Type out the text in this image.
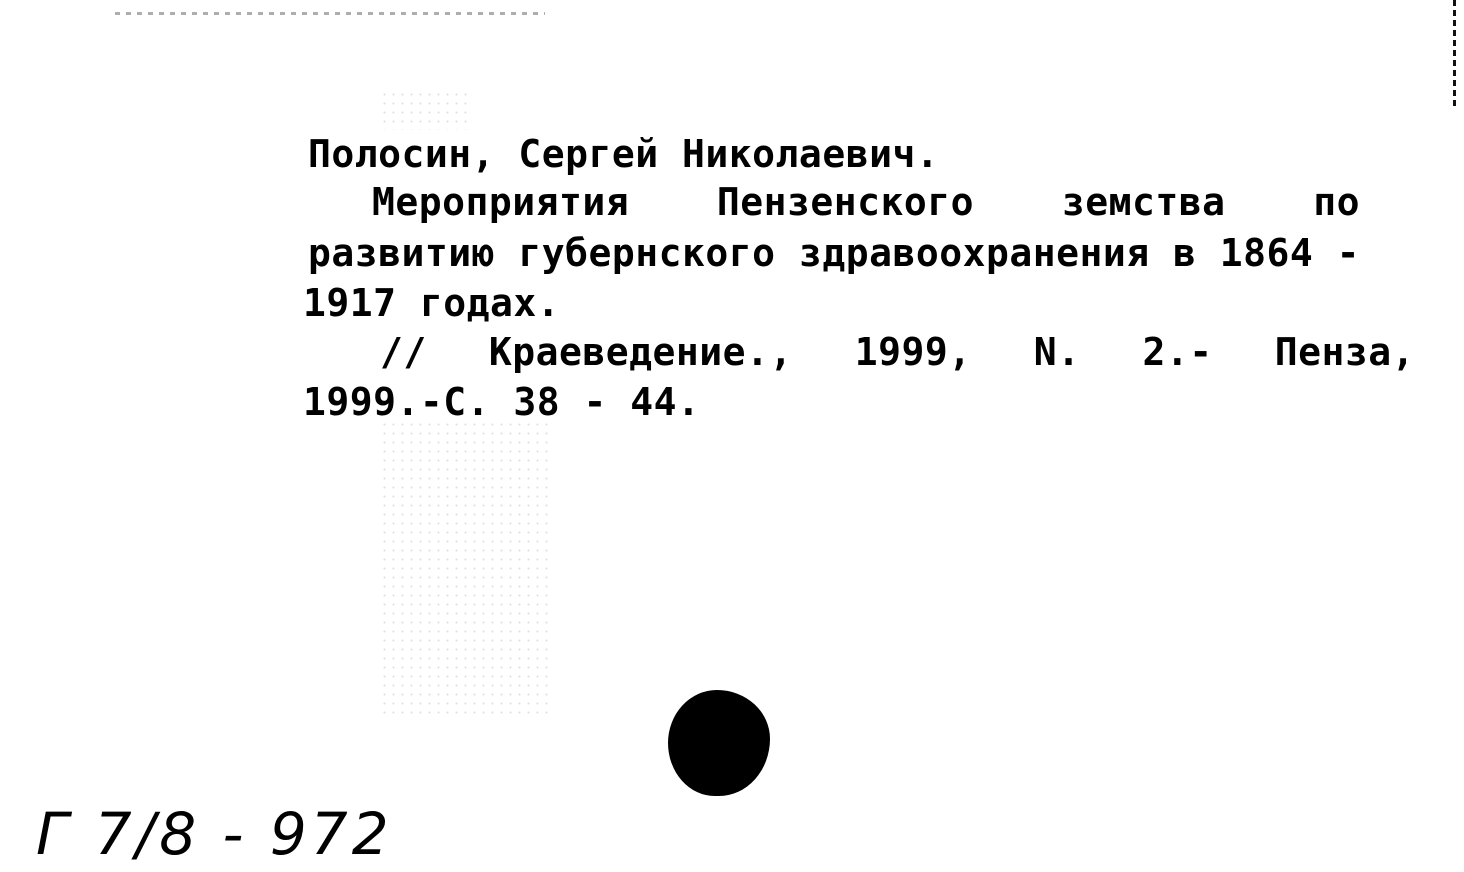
Полосин, Сергей Николаевич.
Мероприятия Пензенского земства по
развитию губернского здравоохранения в 1864 -
1917 годах.
// Краеведение., 1999, N. 2.- Пенза,
1999.-С. 38 - 44.
Г 7/8 - 972
